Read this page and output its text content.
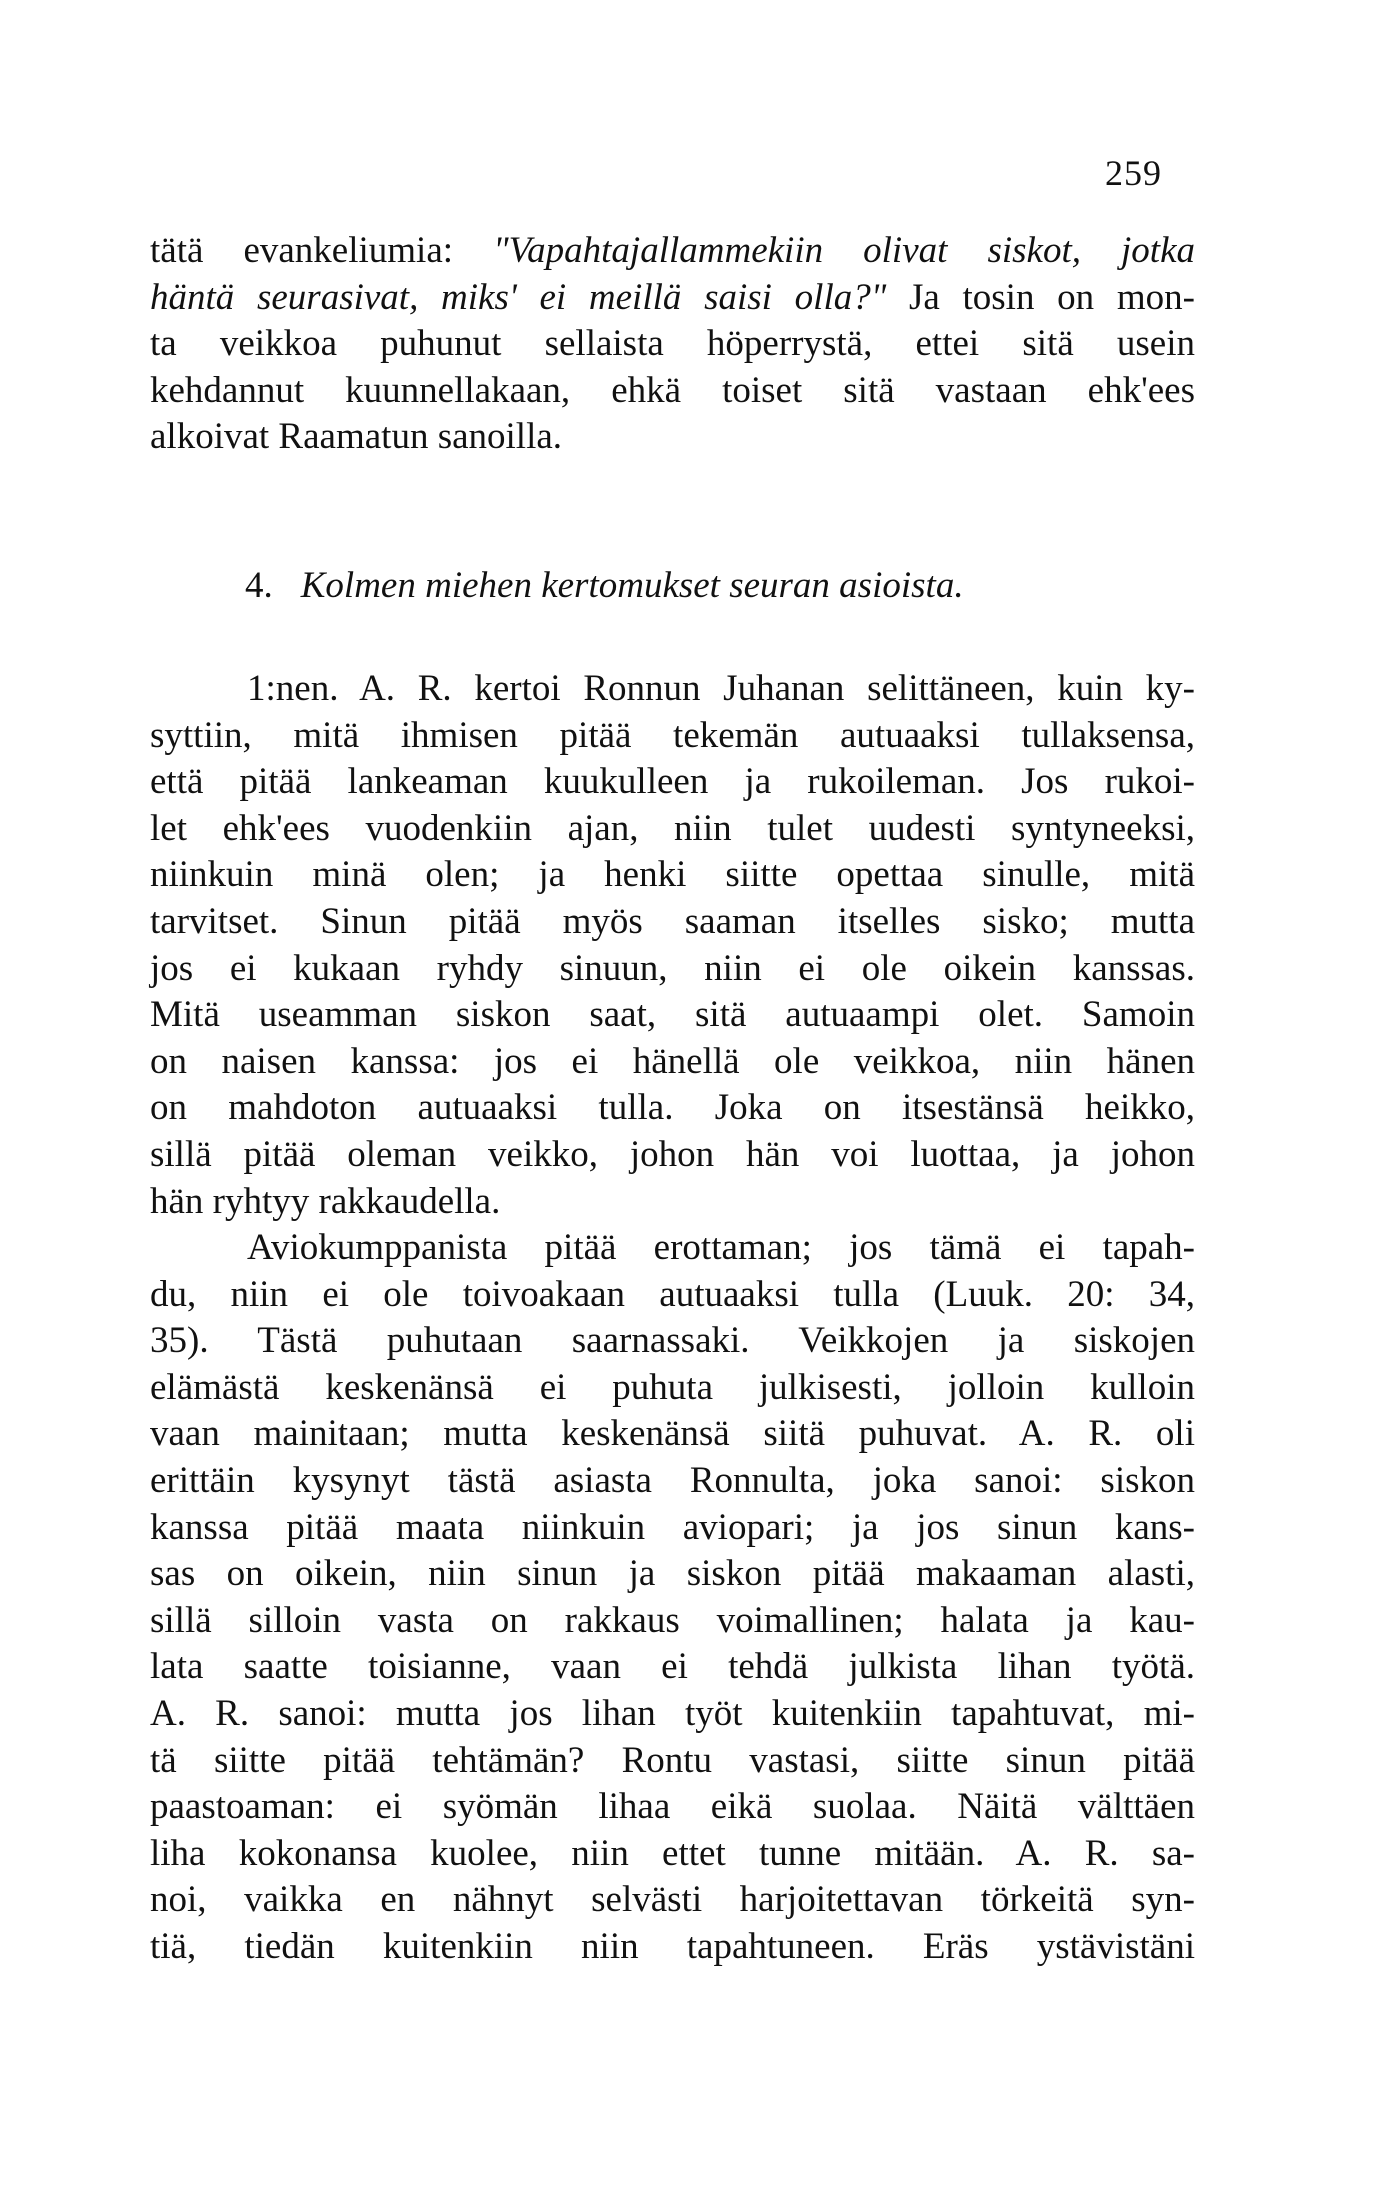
259
tätä evankeliumia: "Vapahtajallammekiin olivat siskot, jotka
häntä seurasivat, miks' ei meillä saisi olla?" Ja tosin on mon-
ta veikkoa puhunut sellaista höperrystä, ettei sitä usein
kehdannut kuunnellakaan, ehkä toiset sitä vastaan ehk'ees
alkoivat Raamatun sanoilla.
4. Kolmen miehen kertomukset seuran asioista.
1:nen. A. R. kertoi Ronnun Juhanan selittäneen, kuin ky-
syttiin, mitä ihmisen pitää tekemän autuaaksi tullaksensa,
että pitää lankeaman kuukulleen ja rukoileman. Jos rukoi-
let ehk'ees vuodenkiin ajan, niin tulet uudesti syntyneeksi,
niinkuin minä olen; ja henki siitte opettaa sinulle, mitä
tarvitset. Sinun pitää myös saaman itselles sisko; mutta
jos ei kukaan ryhdy sinuun, niin ei ole oikein kanssas.
Mitä useamman siskon saat, sitä autuaampi olet. Samoin
on naisen kanssa: jos ei hänellä ole veikkoa, niin hänen
on mahdoton autuaaksi tulla. Joka on itsestänsä heikko,
sillä pitää oleman veikko, johon hän voi luottaa, ja johon
hän ryhtyy rakkaudella.
Aviokumppanista pitää erottaman; jos tämä ei tapah-
du, niin ei ole toivoakaan autuaaksi tulla (Luuk. 20: 34,
35). Tästä puhutaan saarnassaki. Veikkojen ja siskojen
elämästä keskenänsä ei puhuta julkisesti, jolloin kulloin
vaan mainitaan; mutta keskenänsä siitä puhuvat. A. R. oli
erittäin kysynyt tästä asiasta Ronnulta, joka sanoi: siskon
kanssa pitää maata niinkuin aviopari; ja jos sinun kans-
sas on oikein, niin sinun ja siskon pitää makaaman alasti,
sillä silloin vasta on rakkaus voimallinen; halata ja kau-
lata saatte toisianne, vaan ei tehdä julkista lihan työtä.
A. R. sanoi: mutta jos lihan työt kuitenkiin tapahtuvat, mi-
tä siitte pitää tehtämän? Rontu vastasi, siitte sinun pitää
paastoaman: ei syömän lihaa eikä suolaa. Näitä välttäen
liha kokonansa kuolee, niin ettet tunne mitään. A. R. sa-
noi, vaikka en nähnyt selvästi harjoitettavan törkeitä syn-
tiä, tiedän kuitenkiin niin tapahtuneen. Eräs ystävistäni
